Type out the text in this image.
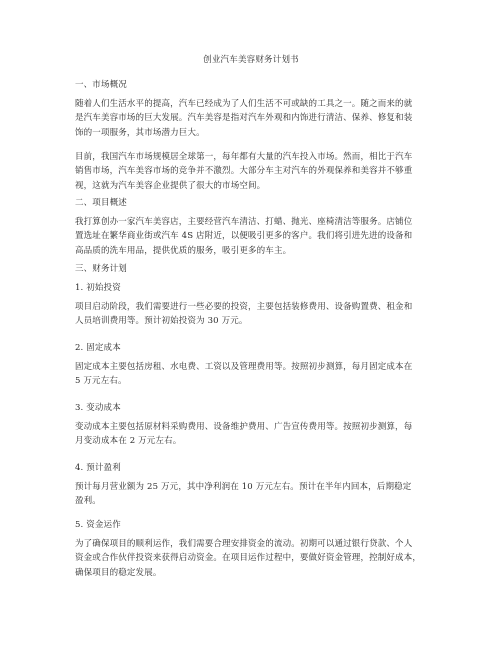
创业汽车美容财务计划书
一、市场概况
随着人们生活水平的提高，汽车已经成为了人们生活不可或缺的工具之一。随之而来的就
是汽车美容市场的巨大发展。汽车美容是指对汽车外观和内饰进行清洁、保养、修复和装
饰的一项服务，其市场潜力巨大。
目前，我国汽车市场规模居全球第一，每年都有大量的汽车投入市场。然而，相比于汽车
销售市场，汽车美容市场的竞争并不激烈。大部分车主对汽车的外观保养和美容并不够重
视，这就为汽车美容企业提供了很大的市场空间。
二、项目概述
我打算创办一家汽车美容店，主要经营汽车清洁、打蜡、抛光、座椅清洁等服务。店铺位
置选址在繁华商业街或汽车 4S 店附近，以便吸引更多的客户。我们将引进先进的设备和
高品质的洗车用品，提供优质的服务，吸引更多的车主。
三、财务计划
1. 初始投资
项目启动阶段，我们需要进行一些必要的投资，主要包括装修费用、设备购置费、租金和
人员培训费用等。预计初始投资为 30 万元。
2. 固定成本
固定成本主要包括房租、水电费、工资以及管理费用等。按照初步测算，每月固定成本在
5 万元左右。
3. 变动成本
变动成本主要包括原材料采购费用、设备维护费用、广告宣传费用等。按照初步测算，每
月变动成本在 2 万元左右。
4. 预计盈利
预计每月营业额为 25 万元，其中净利润在 10 万元左右。预计在半年内回本，后期稳定
盈利。
5. 资金运作
为了确保项目的顺利运作，我们需要合理安排资金的流动。初期可以通过银行贷款、个人
资金或合作伙伴投资来获得启动资金。在项目运作过程中，要做好资金管理，控制好成本，
确保项目的稳定发展。
